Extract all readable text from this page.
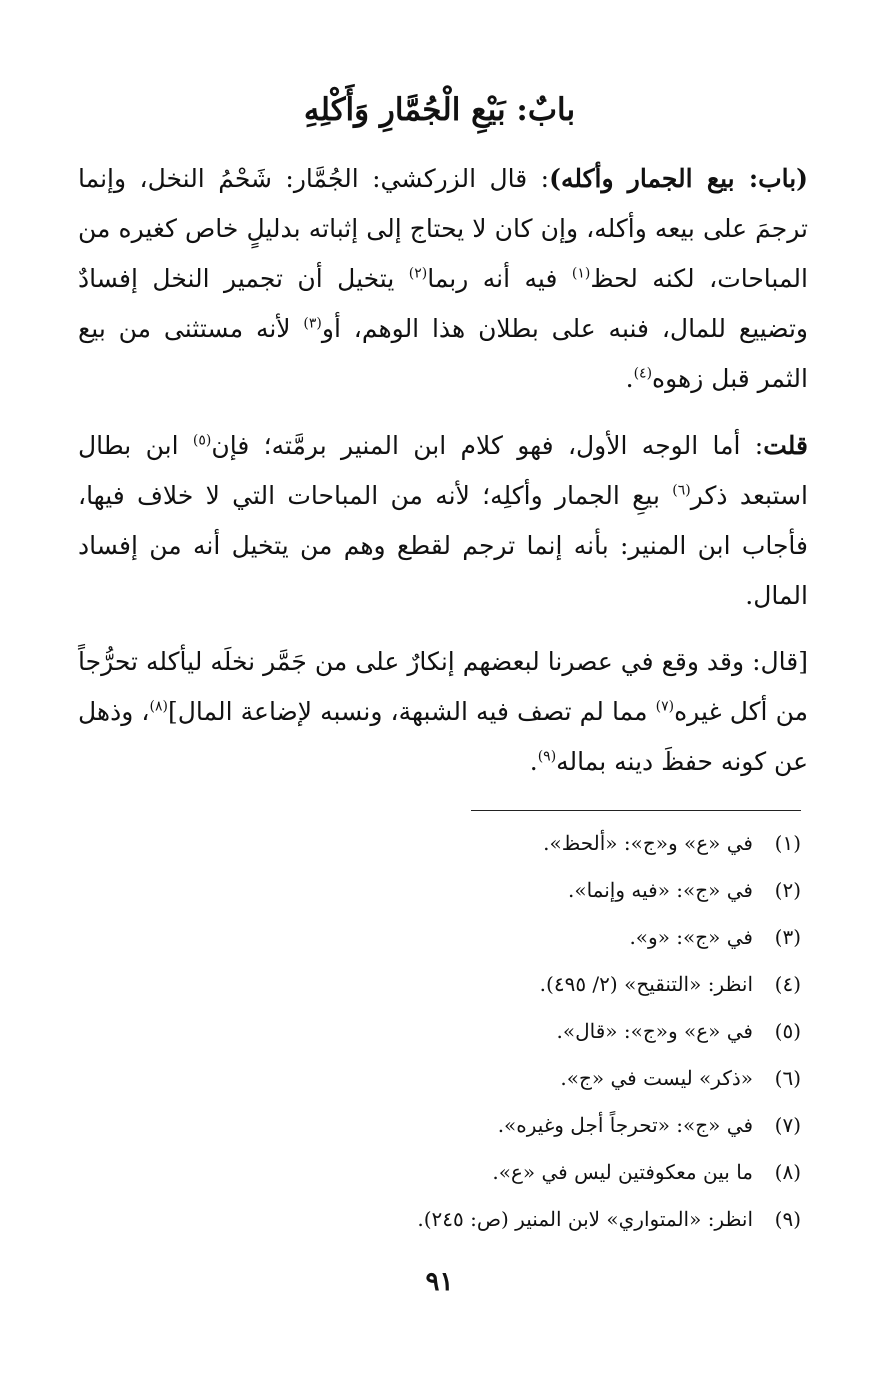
بابٌ: بَيْعِ الْجُمَّارِ وَأَكْلِهِ

(باب: بيع الجمار وأكله): قال الزركشي: الجُمَّار: شَحْمُ النخل، وإنما ترجمَ على بيعه وأكله، وإن كان لا يحتاج إلى إثباته بدليلٍ خاص كغيره من المباحات، لكنه لحظ$^{(١)}$ فيه أنه ربما$^{(٢)}$ يتخيل أن تجمير النخل إفسادٌ وتضييع للمال، فنبه على بطلان هذا الوهم، أو$^{(٣)}$ لأنه مستثنى من بيع الثمر قبل زهوه$^{(٤)}$.

قلت: أما الوجه الأول، فهو كلام ابن المنير برمَّته؛ فإن$^{(٥)}$ ابن بطال استبعد ذكر$^{(٦)}$ بيعِ الجمار وأكلِه؛ لأنه من المباحات التي لا خلاف فيها، فأجاب ابن المنير: بأنه إنما ترجم لقطع وهم من يتخيل أنه من إفساد المال.

[قال: وقد وقع في عصرنا لبعضهم إنكارٌ على من جَمَّر نخلَه ليأكله تحرُّجاً من أكل غيره$^{(٧)}$ مما لم تصف فيه الشبهة، ونسبه لإضاعة المال]$^{(٨)}$، وذهل عن كونه حفظَ دينه بماله$^{(٩)}$.

(١)
في «ع» و«ج»: «ألحظ».
(٢)
في «ج»: «فيه وإنما».
(٣)
في «ج»: «و».
(٤)
انظر: «التنقيح» (٢/ ٤٩٥).
(٥)
في «ع» و«ج»: «قال».
(٦)
«ذكر» ليست في «ج».
(٧)
في «ج»: «تحرجاً أجل وغيره».
(٨)
ما بين معكوفتين ليس في «ع».
(٩)
انظر: «المتواري» لابن المنير (ص: ٢٤٥).
٩١
